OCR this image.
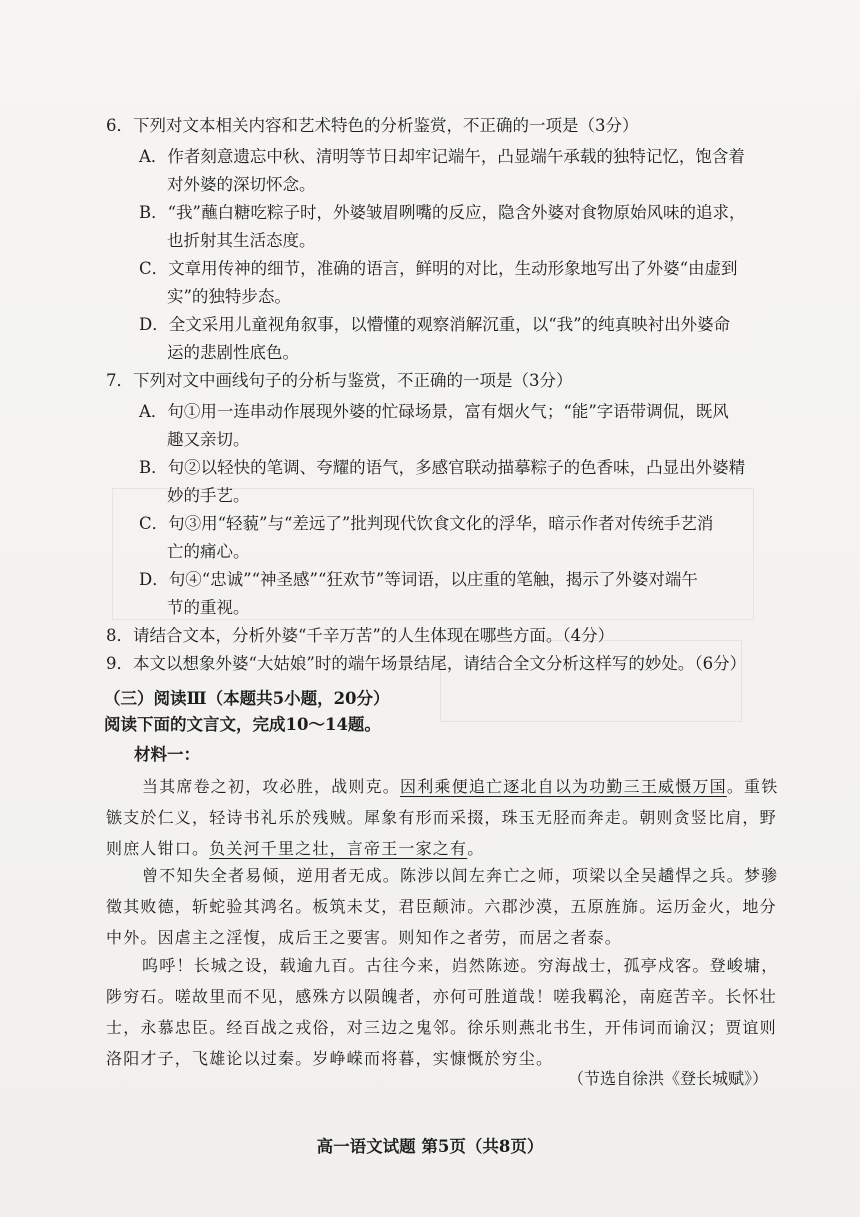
6．下列对文本相关内容和艺术特色的分析鉴赏，不正确的一项是（3分）
A．作者刻意遗忘中秋、清明等节日却牢记端午，凸显端午承载的独特记忆，饱含着
对外婆的深切怀念。
B．“我”蘸白糖吃粽子时，外婆皱眉咧嘴的反应，隐含外婆对食物原始风味的追求，
也折射其生活态度。
C．文章用传神的细节，准确的语言，鲜明的对比，生动形象地写出了外婆“由虚到
实”的独特步态。
D．全文采用儿童视角叙事，以懵懂的观察消解沉重，以“我”的纯真映衬出外婆命
运的悲剧性底色。
7．下列对文中画线句子的分析与鉴赏，不正确的一项是（3分）
A．句①用一连串动作展现外婆的忙碌场景，富有烟火气；“能”字语带调侃，既风
趣又亲切。
B．句②以轻快的笔调、夸耀的语气，多感官联动描摹粽子的色香味，凸显出外婆精
妙的手艺。
C．句③用“轻藐”与“差远了”批判现代饮食文化的浮华，暗示作者对传统手艺消
亡的痛心。
D．句④“忠诚”“神圣感”“狂欢节”等词语，以庄重的笔触，揭示了外婆对端午
节的重视。
8．请结合文本，分析外婆“千辛万苦”的人生体现在哪些方面。（4分）
9．本文以想象外婆“大姑娘”时的端午场景结尾，请结合全文分析这样写的妙处。（6分）
（三）阅读Ⅲ（本题共5小题，20分）
阅读下面的文言文，完成10～14题。
材料一：
当其席卷之初，攻必胜，战则克。因利乘便追亡逐北自以为功勤三王威慑万国。重铁
镞支於仁义，轻诗书礼乐於残贼。犀象有形而采掇，珠玉无胫而奔走。朝则贪竖比肩，野
则庶人钳口。负关河千里之壮，言帝王一家之有。
曾不知失全者易倾，逆用者无成。陈涉以闾左奔亡之师，项梁以全吴趫悍之兵。梦骖
徵其败德，斩蛇验其鸿名。板筑未艾，君臣颠沛。六郡沙漠，五原旌旆。运历金火，地分
中外。因虐主之淫愎，成后王之要害。则知作之者劳，而居之者泰。
呜呼！长城之设，载逾九百。古往今来，岿然陈迹。穷海战士，孤亭戍客。登峻墉，
陟穷石。嗟故里而不见，感殊方以陨魄者，亦何可胜道哉！嗟我羁沦，南庭苦辛。长怀壮
士，永慕忠臣。经百战之戎俗，对三边之鬼邻。徐乐则燕北书生，开伟词而谕汉；贾谊则
洛阳才子，飞雄论以过秦。岁峥嵘而将暮，实慷慨於穷尘。
（节选自徐洪《登长城赋》）
高一语文试题 第5页（共8页）
